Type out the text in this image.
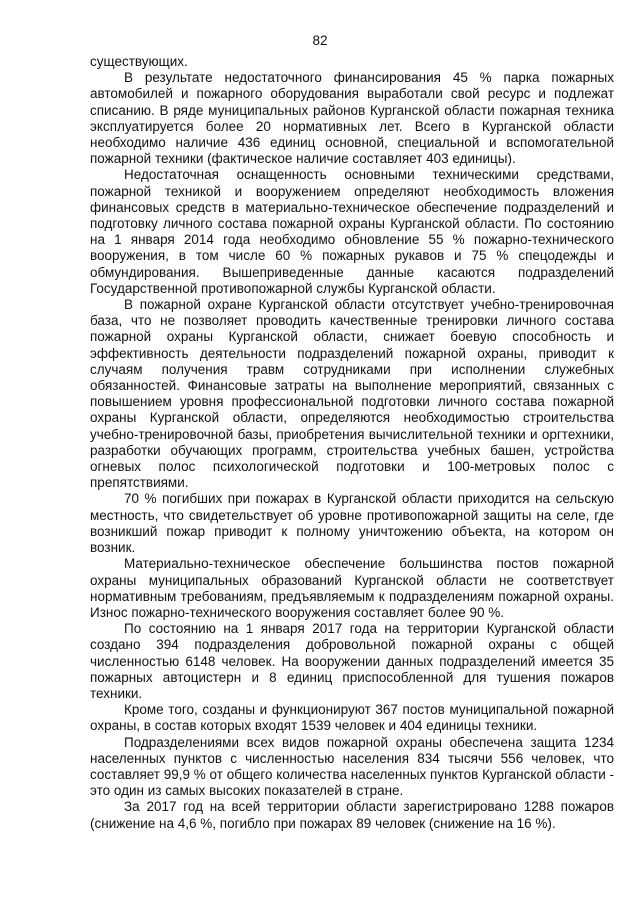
82

существующих.

В результате недостаточного финансирования 45 % парка пожарных автомобилей и пожарного оборудования выработали свой ресурс и подлежат списанию. В ряде муниципальных районов Курганской области пожарная техника эксплуатируется более 20 нормативных лет. Всего в Курганской области необходимо наличие 436 единиц основной, специальной и вспомогательной пожарной техники (фактическое наличие составляет 403 единицы).

Недостаточная оснащенность основными техническими средствами, пожарной техникой и вооружением определяют необходимость вложения финансовых средств в материально-техническое обеспечение подразделений и подготовку личного состава пожарной охраны Курганской области. По состоянию на 1 января 2014 года необходимо обновление 55 % пожарно-технического вооружения, в том числе 60 % пожарных рукавов и 75 % спецодежды и обмундирования. Вышеприведенные данные касаются подразделений Государственной противопожарной службы Курганской области.

В пожарной охране Курганской области отсутствует учебно-тренировочная база, что не позволяет проводить качественные тренировки личного состава пожарной охраны Курганской области, снижает боевую способность и эффективность деятельности подразделений пожарной охраны, приводит к случаям получения травм сотрудниками при исполнении служебных обязанностей. Финансовые затраты на выполнение мероприятий, связанных с повышением уровня профессиональной подготовки личного состава пожарной охраны Курганской области, определяются необходимостью строительства учебно-тренировочной базы, приобретения вычислительной техники и оргтехники, разработки обучающих программ, строительства учебных башен, устройства огневых полос психологической подготовки и 100-метровых полос с препятствиями.

70 % погибших при пожарах в Курганской области приходится на сельскую местность, что свидетельствует об уровне противопожарной защиты на селе, где возникший пожар приводит к полному уничтожению объекта, на котором он возник.

Материально-техническое обеспечение большинства постов пожарной охраны муниципальных образований Курганской области не соответствует нормативным требованиям, предъявляемым к подразделениям пожарной охраны. Износ пожарно-технического вооружения составляет более 90 %.

По состоянию на 1 января 2017 года на территории Курганской области создано 394 подразделения добровольной пожарной охраны с общей численностью 6148 человек. На вооружении данных подразделений имеется 35 пожарных автоцистерн и 8 единиц приспособленной для тушения пожаров техники.

Кроме того, созданы и функционируют 367 постов муниципальной пожарной охраны, в состав которых входят 1539 человек и 404 единицы техники.

Подразделениями всех видов пожарной охраны обеспечена защита 1234 населенных пунктов с численностью населения 834 тысячи 556 человек, что составляет 99,9 % от общего количества населенных пунктов Курганской области - это один из самых высоких показателей в стране.

За 2017 год на всей территории области зарегистрировано 1288 пожаров (снижение на 4,6 %, погибло при пожарах 89 человек (снижение на 16 %).
